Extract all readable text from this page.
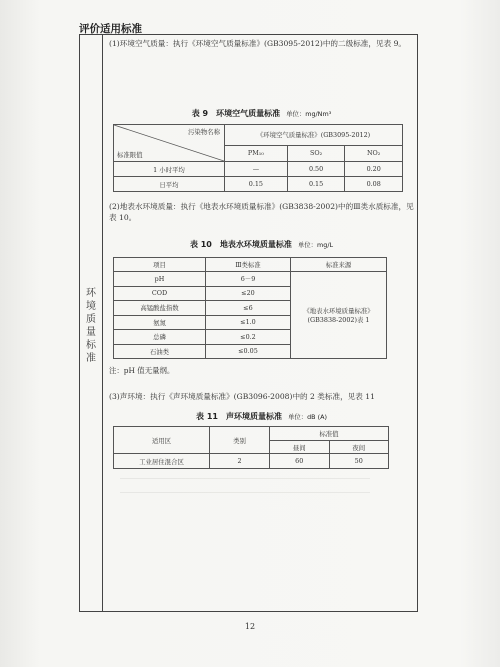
评价适用标准
环境质量标准
(1)环境空气质量：执行《环境空气质量标准》(GB3095-2012)中的二级标准，见表 9。
表 9　环境空气质量标准 单位：mg/Nm³
污染物名称
标准限值	《环境空气质量标准》(GB3095-2012)		
	PM₁₀	SO₂	NO₂
1 小时平均	—	0.50	0.20
日平均	0.15	0.15	0.08
(2)地表水环境质量：执行《地表水环境质量标准》(GB3838-2002)中的Ⅲ类水质标准，见表 10。
表 10　地表水环境质量标准 单位：mg/L
项目	Ⅲ类标准	标准来源
pH	6－9	《地表水环境质量标准》
(GB3838-2002)表 1

COD	≤20	
高锰酸盐指数	≤6	
氨氮	≤1.0	
总磷	≤0.2	
石油类	≤0.05	
注：pH 值无量纲。
(3)声环境：执行《声环境质量标准》(GB3096-2008)中的 2 类标准，见表 11
表 11　声环境质量标准 单位：dB (A)
适用区	类别	标准值	
		昼间	夜间
工业居住混合区	2	60	50
12
